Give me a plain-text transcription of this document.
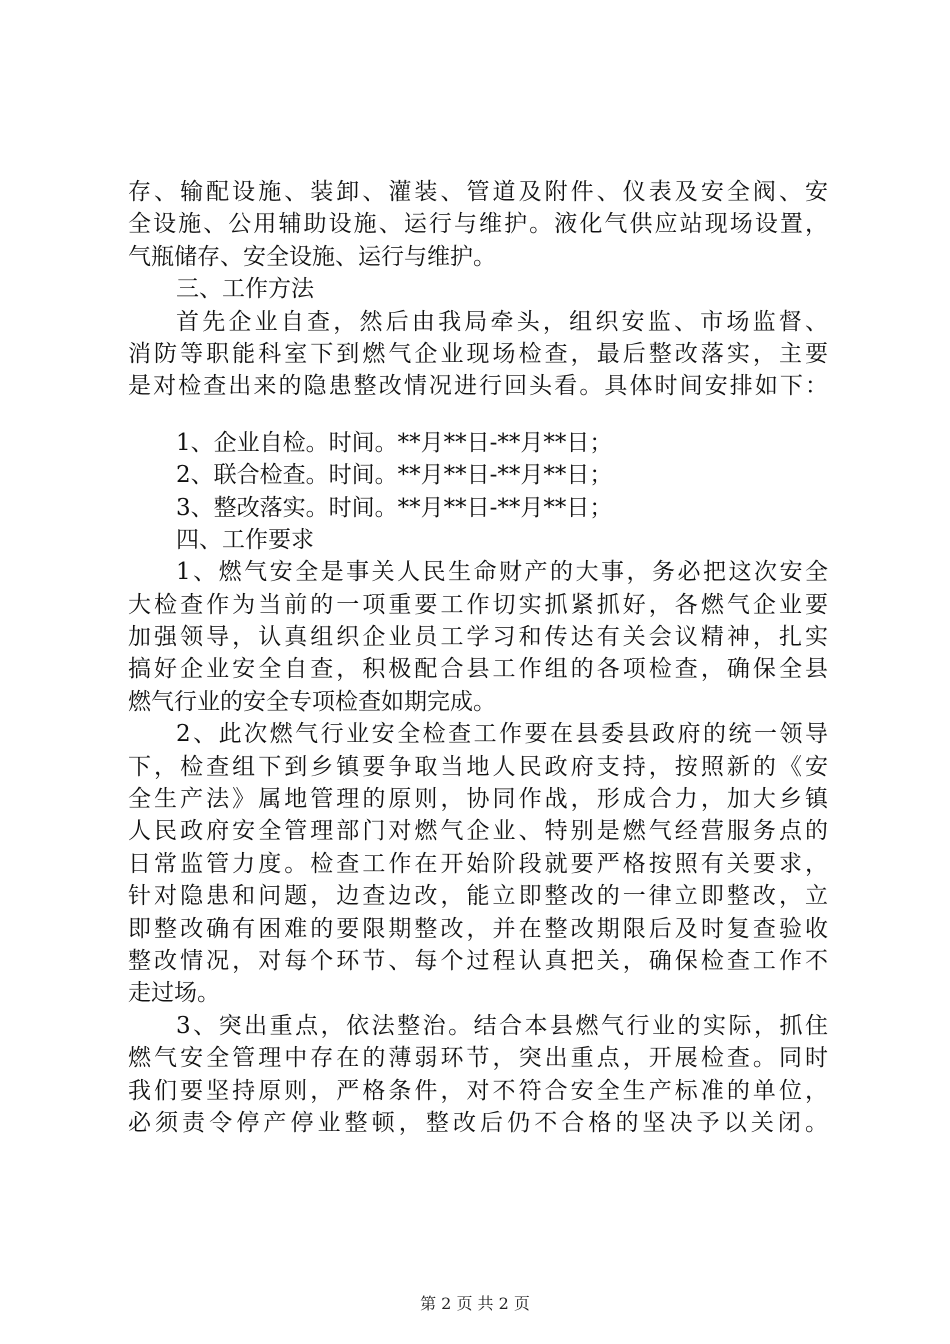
存、输配设施、装卸、灌装、管道及附件、仪表及安全阀、安
全设施、公用辅助设施、运行与维护。液化气供应站现场设置，
气瓶储存、安全设施、运行与维护。
三、工作方法
首先企业自查，然后由我局牵头，组织安监、市场监督、
消防等职能科室下到燃气企业现场检查，最后整改落实，主要
是对检查出来的隐患整改情况进行回头看。具体时间安排如下：
1、企业自检。时间。**月**日-**月**日；
2、联合检查。时间。**月**日-**月**日；
3、整改落实。时间。**月**日-**月**日；
四、工作要求
1、燃气安全是事关人民生命财产的大事，务必把这次安全
大检查作为当前的一项重要工作切实抓紧抓好，各燃气企业要
加强领导，认真组织企业员工学习和传达有关会议精神，扎实
搞好企业安全自查，积极配合县工作组的各项检查，确保全县
燃气行业的安全专项检查如期完成。
2、此次燃气行业安全检查工作要在县委县政府的统一领导
下，检查组下到乡镇要争取当地人民政府支持，按照新的《安
全生产法》属地管理的原则，协同作战，形成合力，加大乡镇
人民政府安全管理部门对燃气企业、特别是燃气经营服务点的
日常监管力度。检查工作在开始阶段就要严格按照有关要求，
针对隐患和问题，边查边改，能立即整改的一律立即整改，立
即整改确有困难的要限期整改，并在整改期限后及时复查验收
整改情况，对每个环节、每个过程认真把关，确保检查工作不
走过场。
3、突出重点，依法整治。结合本县燃气行业的实际，抓住
燃气安全管理中存在的薄弱环节，突出重点，开展检查。同时
我们要坚持原则，严格条件，对不符合安全生产标准的单位，
必须责令停产停业整顿，整改后仍不合格的坚决予以关闭。
第 2 页 共 2 页
